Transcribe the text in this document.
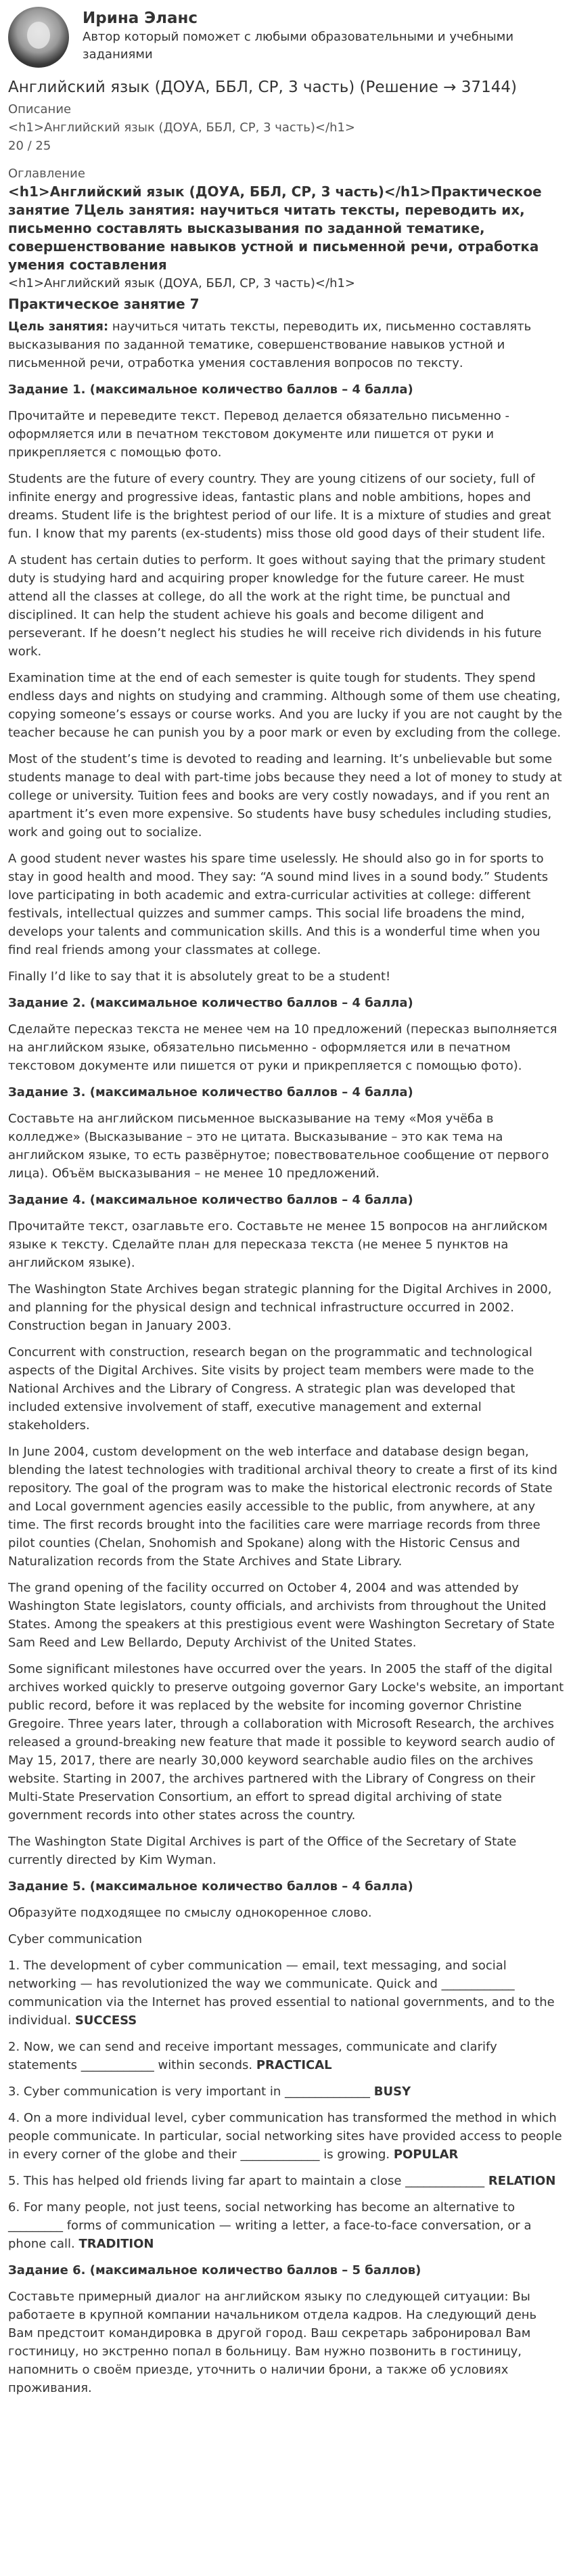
Ирина Эланс
Автор который поможет с любыми образовательными и учебными заданиями
Английский язык (ДОУА, ББЛ, СР, 3 часть) (Решение → 37144)
Описание
<h1>Английский язык (ДОУА, ББЛ, СР, 3 часть)</h1>
20 / 25
Оглавление
<h1>Английский язык (ДОУА, ББЛ, СР, 3 часть)</h1>Практическое занятие 7Цель занятия: научиться читать тексты, переводить их, письменно составлять высказывания по заданной тематике, совершенствование навыков устной и письменной речи, отработка умения составления
<h1>Английский язык (ДОУА, ББЛ, СР, 3 часть)</h1>
Практическое занятие 7

Цель занятия: научиться читать тексты, переводить их, письменно составлять высказывания по заданной тематике, совершенствование навыков устной и письменной речи, отработка умения составления вопросов по тексту.

Задание 1. (максимальное количество баллов – 4 балла)

Прочитайте и переведите текст. Перевод делается обязательно письменно - оформляется или в печатном текстовом документе или пишется от руки и прикрепляется с помощью фото.

Students are the future of every country. They are young citizens of our society, full of infinite energy and progressive ideas, fantastic plans and noble ambitions, hopes and dreams. Student life is the brightest period of our life. It is a mixture of studies and great fun. I know that my parents (ex-students) miss those old good days of their student life.

A student has certain duties to perform. It goes without saying that the primary student duty is studying hard and acquiring proper knowledge for the future career. He must attend all the classes at college, do all the work at the right time, be punctual and disciplined. It can help the student achieve his goals and become diligent and perseverant. If he doesn’t neglect his studies he will receive rich dividends in his future work.

Examination time at the end of each semester is quite tough for students. They spend endless days and nights on studying and cramming. Although some of them use cheating, copying someone’s essays or course works. And you are lucky if you are not caught by the teacher because he can punish you by a poor mark or even by excluding from the college.

Most of the student’s time is devoted to reading and learning. It’s unbelievable but some students manage to deal with part-time jobs because they need a lot of money to study at college or university. Tuition fees and books are very costly nowadays, and if you rent an apartment it’s even more expensive. So students have busy schedules including studies, work and going out to socialize.

A good student never wastes his spare time uselessly. He should also go in for sports to stay in good health and mood. They say: “A sound mind lives in a sound body.” Students love participating in both academic and extra-curricular activities at college: different festivals, intellectual quizzes and summer camps. This social life broadens the mind, develops your talents and communication skills. And this is a wonderful time when you find real friends among your classmates at college.

Finally I’d like to say that it is absolutely great to be a student!

Задание 2. (максимальное количество баллов – 4 балла)

Сделайте пересказ текста не менее чем на 10 предложений (пересказ выполняется на английском языке, обязательно письменно - оформляется или в печатном текстовом документе или пишется от руки и прикрепляется с помощью фото).

Задание 3. (максимальное количество баллов – 4 балла)

Составьте на английском письменное высказывание на тему «Моя учёба в колледже» (Высказывание – это не цитата. Высказывание – это как тема на английском языке, то есть развёрнутое; повествовательное сообщение от первого лица). Объём высказывания – не менее 10 предложений.

Задание 4. (максимальное количество баллов – 4 балла)

Прочитайте текст, озаглавьте его. Составьте не менее 15 вопросов на английском языке к тексту. Сделайте план для пересказа текста (не менее 5 пунктов на английском языке).

The Washington State Archives began strategic planning for the Digital Archives in 2000, and planning for the physical design and technical infrastructure occurred in 2002. Construction began in January 2003.

Concurrent with construction, research began on the programmatic and technological aspects of the Digital Archives. Site visits by project team members were made to the National Archives and the Library of Congress. A strategic plan was developed that included extensive involvement of staff, executive management and external stakeholders.

In June 2004, custom development on the web interface and database design began, blending the latest technologies with traditional archival theory to create a first of its kind repository. The goal of the program was to make the historical electronic records of State and Local government agencies easily accessible to the public, from anywhere, at any time. The first records brought into the facilities care were marriage records from three pilot counties (Chelan, Snohomish and Spokane) along with the Historic Census and Naturalization records from the State Archives and State Library.

The grand opening of the facility occurred on October 4, 2004 and was attended by Washington State legislators, county officials, and archivists from throughout the United States. Among the speakers at this prestigious event were Washington Secretary of State Sam Reed and Lew Bellardo, Deputy Archivist of the United States.

Some significant milestones have occurred over the years. In 2005 the staff of the digital archives worked quickly to preserve outgoing governor Gary Locke's website, an important public record, before it was replaced by the website for incoming governor Christine Gregoire. Three years later, through a collaboration with Microsoft Research, the archives released a ground-breaking new feature that made it possible to keyword search audio of May 15, 2017, there are nearly 30,000 keyword searchable audio files on the archives website. Starting in 2007, the archives partnered with the Library of Congress on their Multi-State Preservation Consortium, an effort to spread digital archiving of state government records into other states across the country.

The Washington State Digital Archives is part of the Office of the Secretary of State currently directed by Kim Wyman.

Задание 5. (максимальное количество баллов – 4 балла)

Образуйте подходящее по смыслу однокоренное слово.

Cyber communication

1. The development of cyber communication — email, text messaging, and social networking — has revolutionized the way we communicate. Quick and ____________ communication via the Internet has proved essential to national governments, and to the individual. SUCCESS

2. Now, we can send and receive important messages, communicate and clarify statements ____________ within seconds. PRACTICAL

3. Cyber communication is very important in ______________ BUSY

4. On a more individual level, cyber communication has transformed the method in which people communicate. In particular, social networking sites have provided access to people in every corner of the globe and their _____________ is growing. POPULAR

5. This has helped old friends living far apart to maintain a close _____________ RELATION

6. For many people, not just teens, social networking has become an alternative to _________ forms of communication — writing a letter, a face-to-face conversation, or a phone call. TRADITION

Задание 6. (максимальное количество баллов – 5 баллов)

Составьте примерный диалог на английском языку по следующей ситуации: Вы работаете в крупной компании начальником отдела кадров. На следующий день Вам предстоит командировка в другой город. Ваш секретарь забронировал Вам гостиницу, но экстренно попал в больницу. Вам нужно позвонить в гостиницу, напомнить о своём приезде, уточнить о наличии брони, а также об условиях проживания.
